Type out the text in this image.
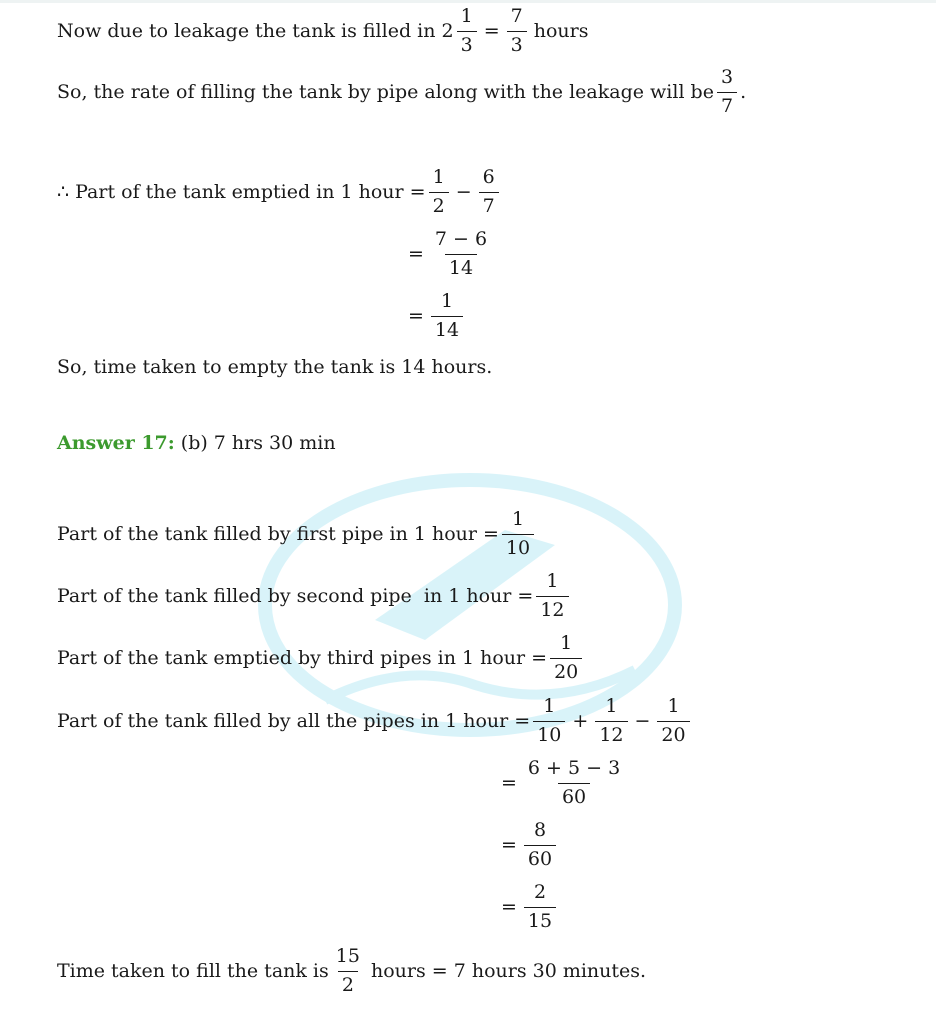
Now due to leakage the tank is filled in $2 \frac{1}{3} = \frac{7}{3}$ hours
So, the rate of filling the tank by pipe along with the leakage will be $\frac{3}{7}$ .
∴ Part of the tank emptied in 1 hour = $\frac{1}{2} - \frac{6}{7}$
= $\frac{7 - 6}{14}$
= $\frac{1}{14}$
So, time taken to empty the tank is 14 hours.
Answer 17: (b) 7 hrs 30 min
Part of the tank filled by first pipe in 1 hour = $\frac{1}{10}$
Part of the tank filled by second pipe  in 1 hour = $\frac{1}{12}$
Part of the tank emptied by third pipes in 1 hour = $\frac{1}{20}$
Part of the tank filled by all the pipes in 1 hour = $\frac{1}{10} + \frac{1}{12} - \frac{1}{20}$
= $\frac{6 + 5 - 3}{60}$
= $\frac{8}{60}$
= $\frac{2}{15}$
Time taken to fill the tank is $\frac{15}{2}$ hours = 7 hours 30 minutes.
